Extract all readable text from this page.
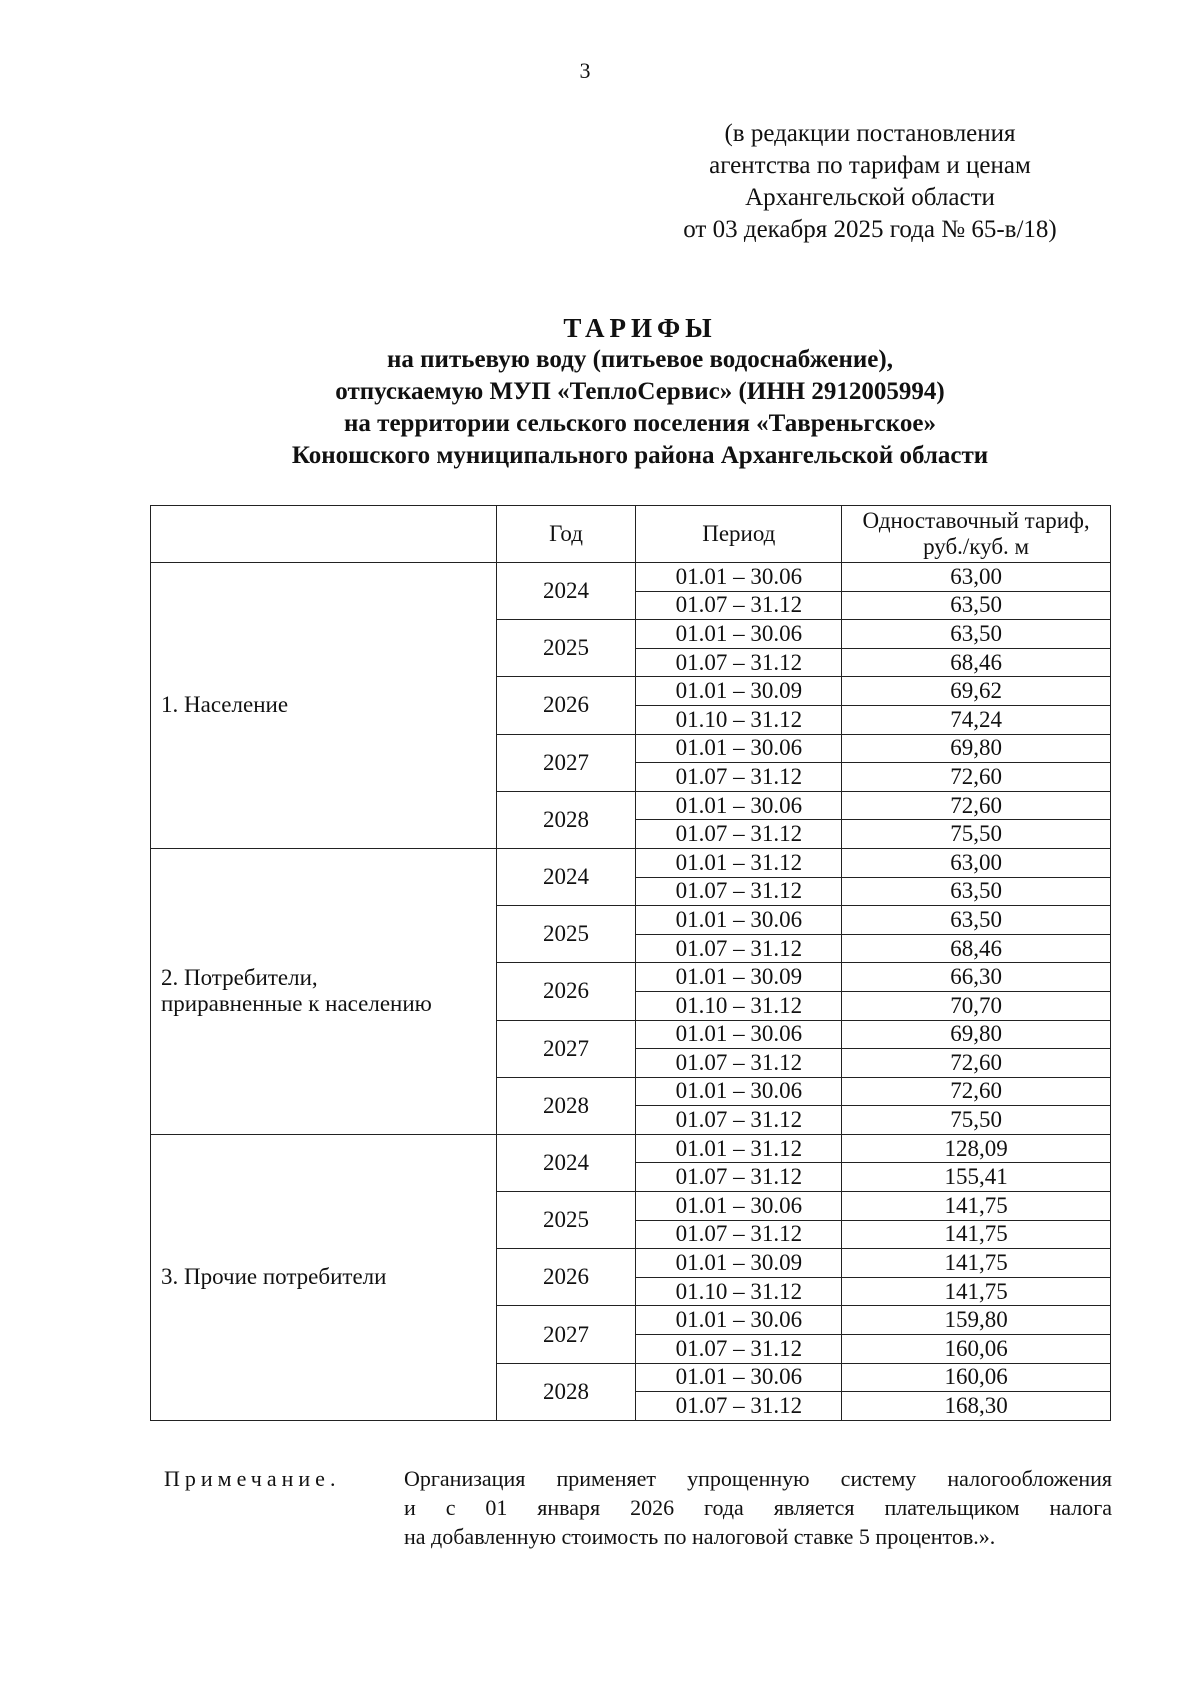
3
(в редакции постановления
агентства по тарифам и ценам
Архангельской области
от 03 декабря 2025 года № 65-в/18)
ТАРИФЫ
на питьевую воду (питьевое водоснабжение),
отпускаемую МУП «ТеплоСервис» (ИНН 2912005994)
на территории сельского поселения «Тавреньгское»
Коношского муниципального района Архангельской области
	Год	Период	Одноставочный тариф,
руб./куб. м

1. Население	2024	01.01 – 30.06	63,00
		01.07 – 31.12	63,50
	2025	01.01 – 30.06	63,50
		01.07 – 31.12	68,46
	2026	01.01 – 30.09	69,62
		01.10 – 31.12	74,24
	2027	01.01 – 30.06	69,80
		01.07 – 31.12	72,60
	2028	01.01 – 30.06	72,60
		01.07 – 31.12	75,50

2. Потребители,
приравненные к населению	2024	01.01 – 31.12	63,00
		01.07 – 31.12	63,50
	2025	01.01 – 30.06	63,50
		01.07 – 31.12	68,46
	2026	01.01 – 30.09	66,30
		01.10 – 31.12	70,70
	2027	01.01 – 30.06	69,80
		01.07 – 31.12	72,60
	2028	01.01 – 30.06	72,60
		01.07 – 31.12	75,50

3. Прочие потребители	2024	01.01 – 31.12	128,09
		01.07 – 31.12	155,41
	2025	01.01 – 30.06	141,75
		01.07 – 31.12	141,75
	2026	01.01 – 30.09	141,75
		01.10 – 31.12	141,75
	2027	01.01 – 30.06	159,80
		01.07 – 31.12	160,06
	2028	01.01 – 30.06	160,06
		01.07 – 31.12	168,30
Примечание.	Организация применяет упрощенную систему налогообложения
и с 01 января 2026 года является плательщиком налога
на добавленную стоимость по налоговой ставке 5 процентов.».
